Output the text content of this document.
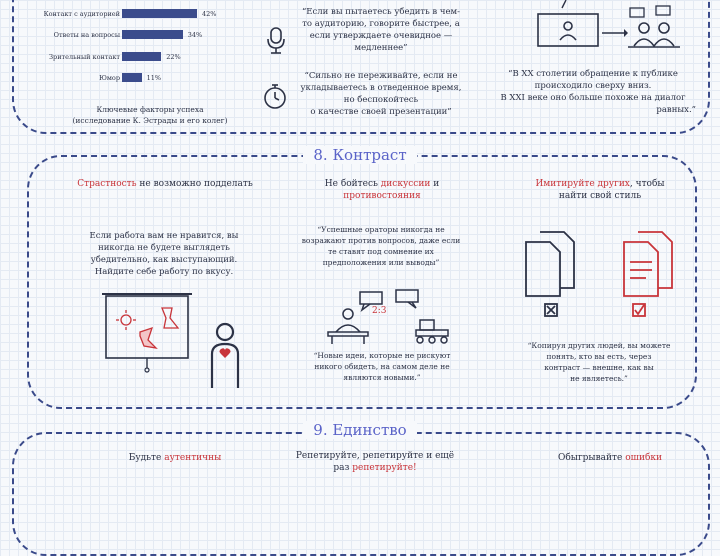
Контакт с аудиторией	42%
Ответы на вопросы	34%
Зрительный контакт	22%
Юмор	11%
Ключевые факторы успеха
(исследование К. Эстрады и его колег)
“Если вы пытаетесь убедить в чем-
то аудиторию, говорите быстрее, а
если утверждаете очевидное —
медленнее”
“Сильно не переживайте, если не
укладываетесь в отведенное время,
но беспокойтесь
о качестве своей презентации”
“В XX столетии обращение к публике
происходило сверху вниз.
В XXI веке оно больше похоже на диалог
равных.”
8. Контраст
Страстность не возможно подделать
Если работа вам не нравится, вы
никогда не будете выглядеть
убедительно, как выступающий.
Найдите себе работу по вкусу.
Не бойтесь дискуссии и
противостояния
“Успешные ораторы никогда не
возражают против вопросов, даже если
те ставят под сомнение их
предположения или выводы”
2:3
“Новые идеи, которые не рискуют
никого обидеть, на самом деле не
являются новыми.”
Имитируйте других, чтобы
найти свой стиль
“Копируя других людей, вы можете
понять, кто вы есть, через
контраст — внешне, как вы
не являетесь.”
9. Единство
Будьте аутентичны	Репетируйте, репетируйте и ещё
раз репетируйте!
Обыгрывайте ошибки
